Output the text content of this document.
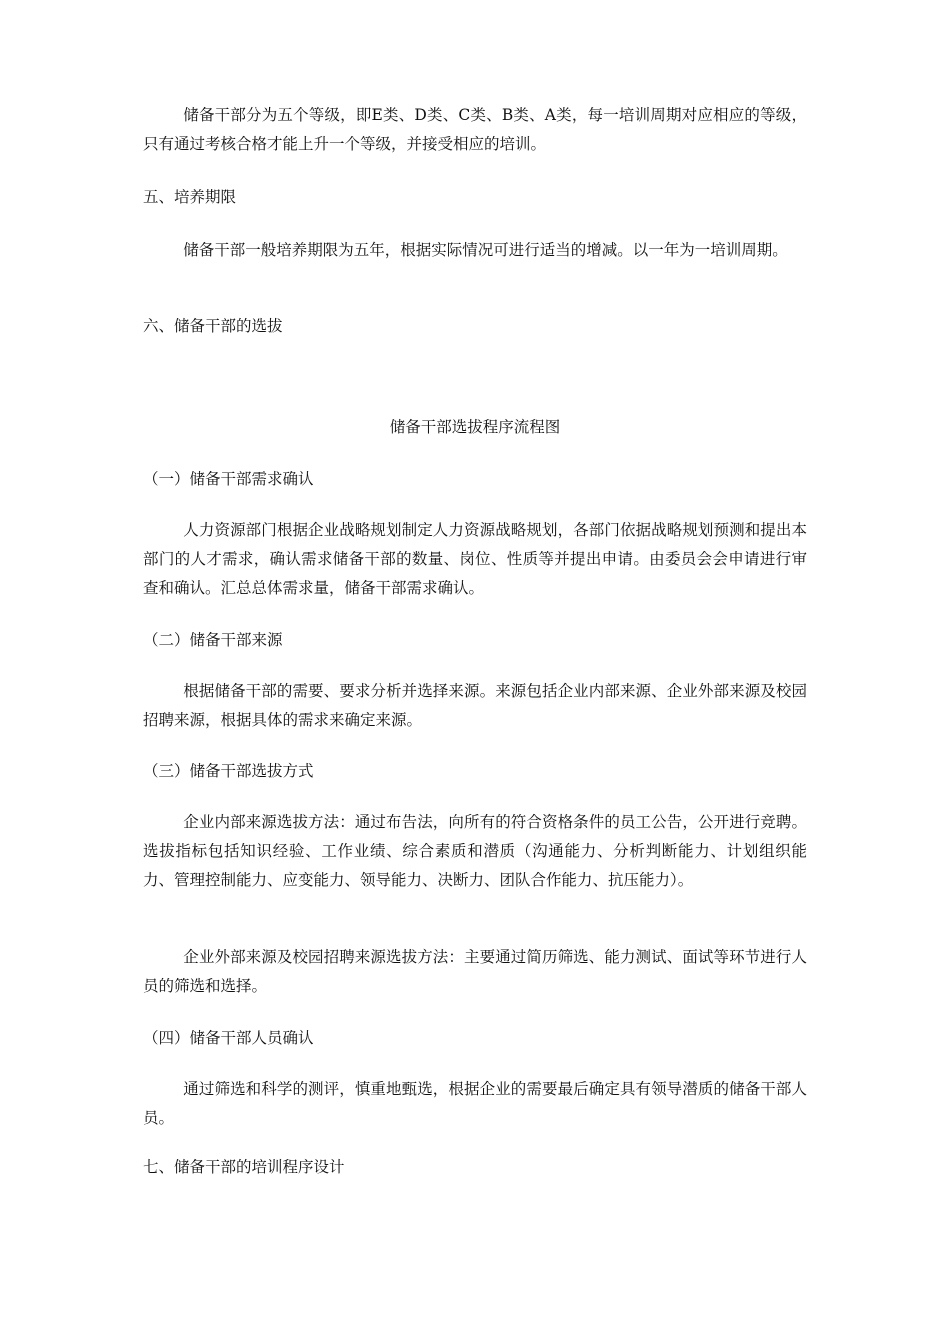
储备干部分为五个等级，即E类、D类、C类、B类、A类，每一培训周期对应相应的等级，只有通过考核合格才能上升一个等级，并接受相应的培训。

五、培养期限

储备干部一般培养期限为五年，根据实际情况可进行适当的增减。以一年为一培训周期。

六、储备干部的选拔

储备干部选拔程序流程图

（一）储备干部需求确认

人力资源部门根据企业战略规划制定人力资源战略规划，各部门依据战略规划预测和提出本部门的人才需求，确认需求储备干部的数量、岗位、性质等并提出申请。由委员会会申请进行审查和确认。汇总总体需求量，储备干部需求确认。

（二）储备干部来源

根据储备干部的需要、要求分析并选择来源。来源包括企业内部来源、企业外部来源及校园招聘来源，根据具体的需求来确定来源。

（三）储备干部选拔方式

企业内部来源选拔方法：通过布告法，向所有的符合资格条件的员工公告，公开进行竞聘。选拔指标包括知识经验、工作业绩、综合素质和潜质（沟通能力、分析判断能力、计划组织能力、管理控制能力、应变能力、领导能力、决断力、团队合作能力、抗压能力）。

企业外部来源及校园招聘来源选拔方法：主要通过简历筛选、能力测试、面试等环节进行人员的筛选和选择。

（四）储备干部人员确认

通过筛选和科学的测评，慎重地甄选，根据企业的需要最后确定具有领导潜质的储备干部人员。

七、储备干部的培训程序设计
